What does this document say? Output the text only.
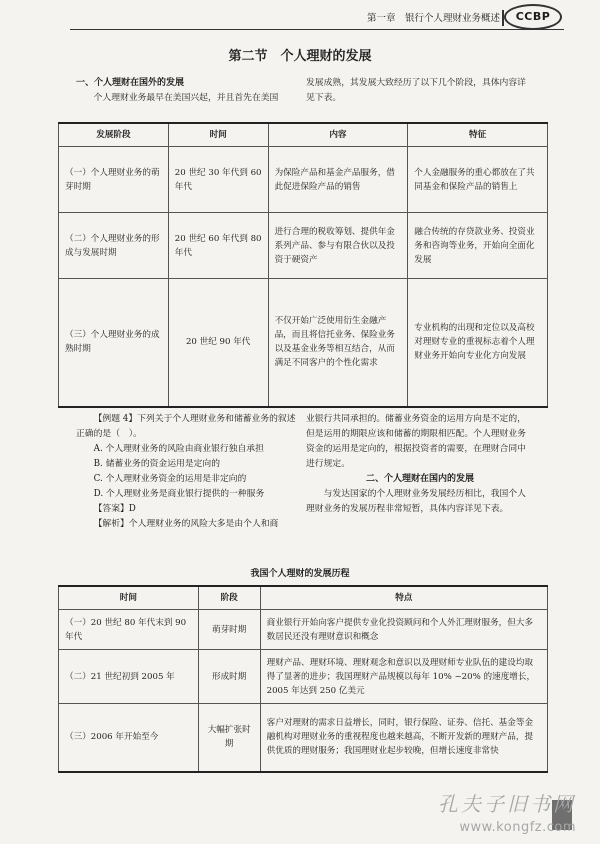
第一章　银行个人理财业务概述	CCBP
第二节　个人理财的发展

一、个人理财在国外的发展

个人理财业务最早在美国兴起，并且首先在美国

发展成熟，其发展大致经历了以下几个阶段，具体内容详见下表。

发展阶段	时间	内容	特征
（一）个人理财业务的萌芽时期	20 世纪 30 年代到 60 年代	为保险产品和基金产品服务，借此促进保险产品的销售	个人金融服务的重心都放在了共同基金和保险产品的销售上
（二）个人理财业务的形成与发展时期	20 世纪 60 年代到 80 年代	进行合理的税收筹划、提供年金系列产品、参与有限合伙以及投资于硬资产	融合传统的存贷款业务、投资业务和咨询等业务，开始向全面化发展
（三）个人理财业务的成熟时期	20 世纪 90 年代	不仅开始广泛使用衍生金融产品，而且将信托业务、保险业务以及基金业务等相互结合，从而满足不同客户的个性化需求	专业机构的出现和定位以及高校对理财专业的重视标志着个人理财业务开始向专业化方向发展

【例题 4】下列关于个人理财业务和储蓄业务的叙述正确的是（　）。

A. 个人理财业务的风险由商业银行独自承担

B. 储蓄业务的资金运用是定向的

C. 个人理财业务资金的运用是非定向的

D. 个人理财业务是商业银行提供的一种服务

【答案】D

【解析】个人理财业务的风险大多是由个人和商

业银行共同承担的。储蓄业务资金的运用方向是不定的，但是运用的期限应该和储蓄的期限相匹配。个人理财业务资金的运用是定向的，根据投资者的需要，在理财合同中进行规定。

二、个人理财在国内的发展

与发达国家的个人理财业务发展经历相比，我国个人理财业务的发展历程非常短暂，具体内容详见下表。

我国个人理财的发展历程
时间	阶段	特点
（一）20 世纪 80 年代末到 90 年代	萌芽时期	商业银行开始向客户提供专业化投资顾问和个人外汇理财服务，但大多数居民还没有理财意识和概念
（二）21 世纪初到 2005 年	形成时期	理财产品、理财环境、理财观念和意识以及理财师专业队伍的建设均取得了显著的进步；我国理财产品规模以每年 10% ~20% 的速度增长，2005 年达到 250 亿美元
（三）2006 年开始至今	大幅扩张时期	客户对理财的需求日益增长，同时，银行保险、证券、信托、基金等金融机构对理财业务的重视程度也越来越高，不断开发新的理财产品，提供优质的理财服务；我国理财业起步较晚，但增长速度非常快
孔夫子旧书网
www.kongfz.com
